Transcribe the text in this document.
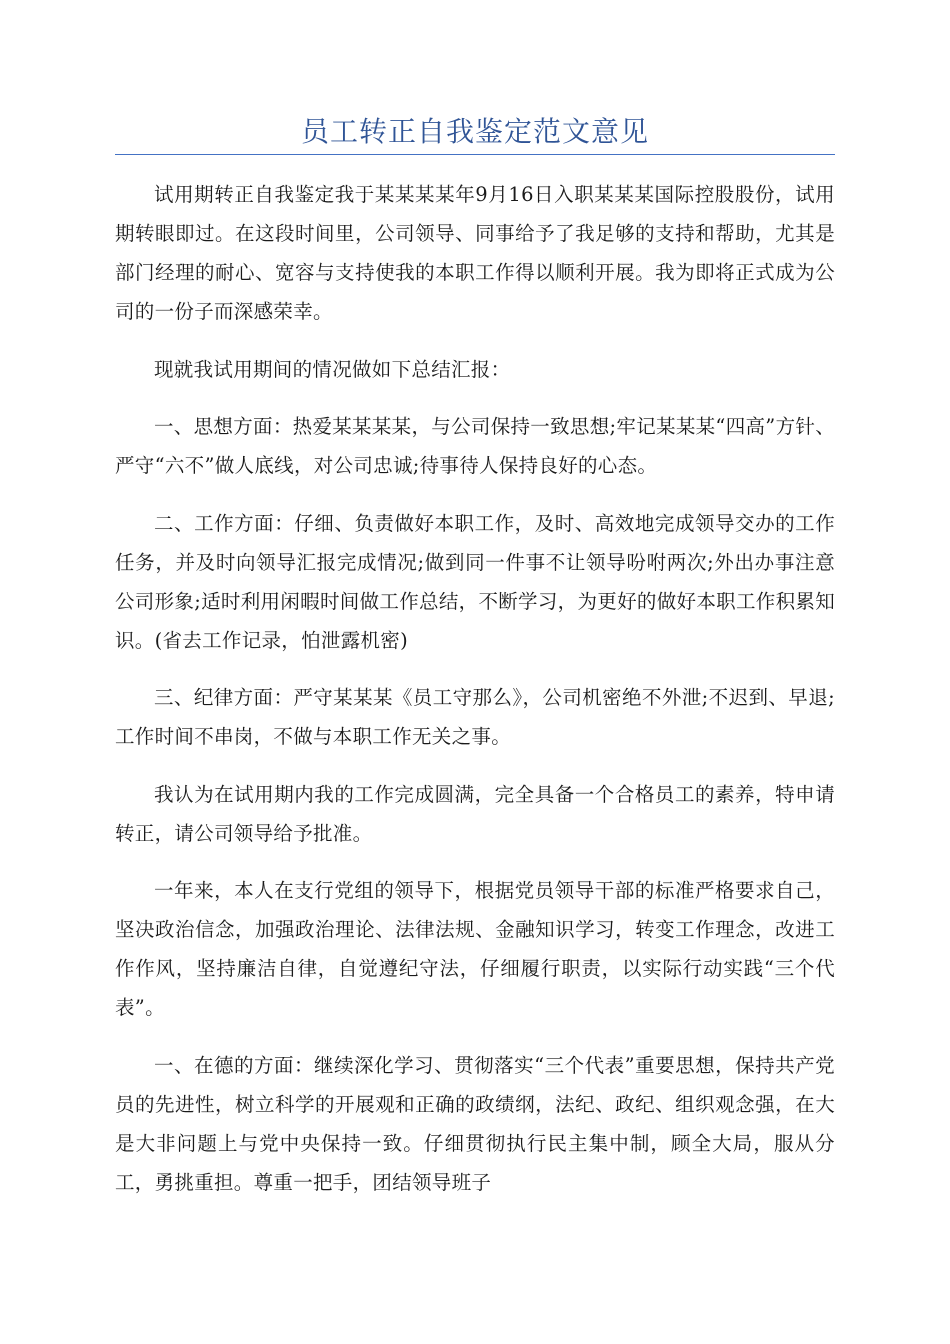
员工转正自我鉴定范文意见

试用期转正自我鉴定我于某某某某年9月16日入职某某某国际控股股份，试用期转眼即过。在这段时间里，公司领导、同事给予了我足够的支持和帮助，尤其是部门经理的耐心、宽容与支持使我的本职工作得以顺利开展。我为即将正式成为公司的一份子而深感荣幸。

现就我试用期间的情况做如下总结汇报：

一、思想方面：热爱某某某某，与公司保持一致思想;牢记某某某“四高”方针、严守“六不”做人底线，对公司忠诚;待事待人保持良好的心态。

二、工作方面：仔细、负责做好本职工作，及时、高效地完成领导交办的工作任务，并及时向领导汇报完成情况;做到同一件事不让领导吩咐两次;外出办事注意公司形象;适时利用闲暇时间做工作总结，不断学习，为更好的做好本职工作积累知识。(省去工作记录，怕泄露机密)

三、纪律方面：严守某某某《员工守那么》，公司机密绝不外泄;不迟到、早退;工作时间不串岗，不做与本职工作无关之事。

我认为在试用期内我的工作完成圆满，完全具备一个合格员工的素养，特申请转正，请公司领导给予批准。

一年来，本人在支行党组的领导下，根据党员领导干部的标准严格要求自己，坚决政治信念，加强政治理论、法律法规、金融知识学习，转变工作理念，改进工作作风，坚持廉洁自律，自觉遵纪守法，仔细履行职责，以实际行动实践“三个代表”。

一、在德的方面：继续深化学习、贯彻落实“三个代表”重要思想，保持共产党员的先进性，树立科学的开展观和正确的政绩纲，法纪、政纪、组织观念强，在大是大非问题上与党中央保持一致。仔细贯彻执行民主集中制，顾全大局，服从分工，勇挑重担。尊重一把手，团结领导班子
